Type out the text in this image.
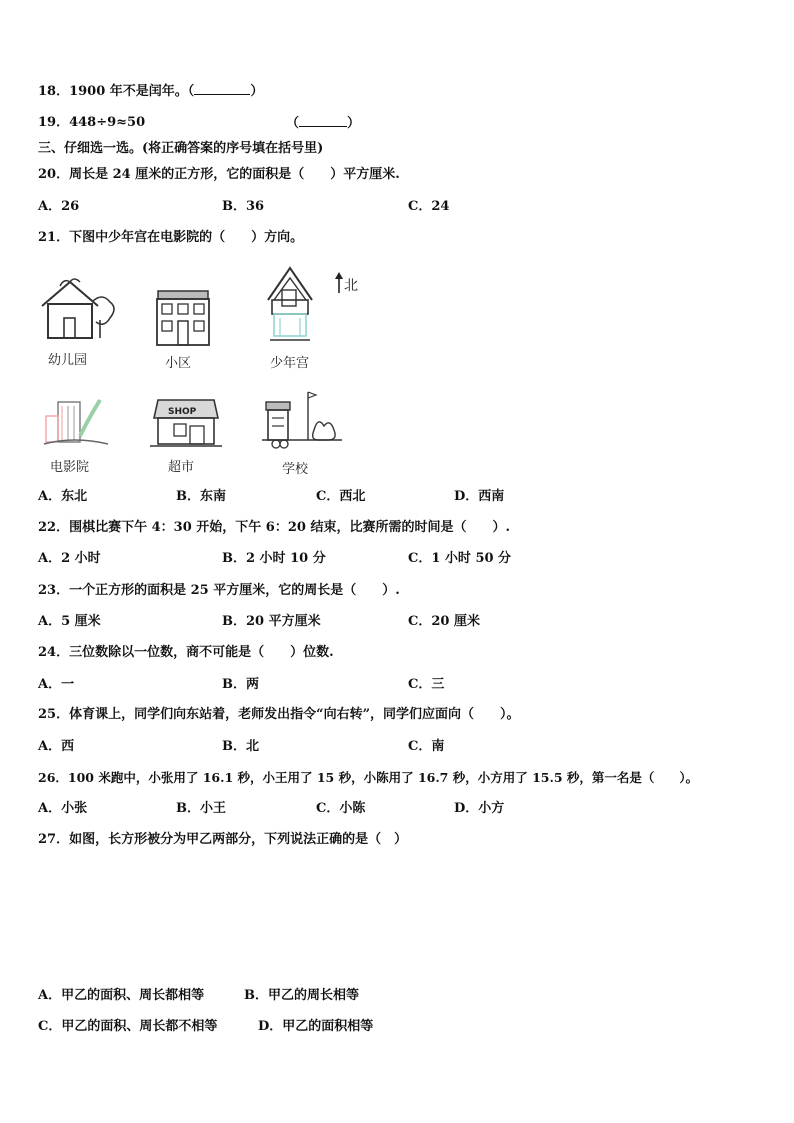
18．1900 年不是闰年。（	）
19．448÷9≈50	（	）
三、仔细选一选。(将正确答案的序号填在括号里)
20．周长是 24 厘米的正方形，它的面积是（　　）平方厘米.
A．26	B．36	C．24
21．下图中少年宫在电影院的（　　）方向。
北
幼儿园	小区	少年宫
电影院
SHOP
超市	学校
A．东北	B．东南	C．西北	D．西南
22．围棋比赛下午 4：30 开始，下午 6：20 结束，比赛所需的时间是（　　）.
A．2 小时	B．2 小时 10 分	C．1 小时 50 分
23．一个正方形的面积是 25 平方厘米，它的周长是（　　）.
A．5 厘米	B．20 平方厘米	C．20 厘米
24．三位数除以一位数，商不可能是（　　）位数.
A．一	B．两	C．三
25．体育课上，同学们向东站着，老师发出指令“向右转”，同学们应面向（　　）。
A．西	B．北	C．南
26．100 米跑中，小张用了 16.1 秒，小王用了 15 秒，小陈用了 16.7 秒，小方用了 15.5 秒，第一名是（　　）。
A．小张	B．小王	C．小陈	D．小方
27．如图，长方形被分为甲乙两部分，下列说法正确的是（　）
A．甲乙的面积、周长都相等	B．甲乙的周长相等
C．甲乙的面积、周长都不相等	D．甲乙的面积相等
